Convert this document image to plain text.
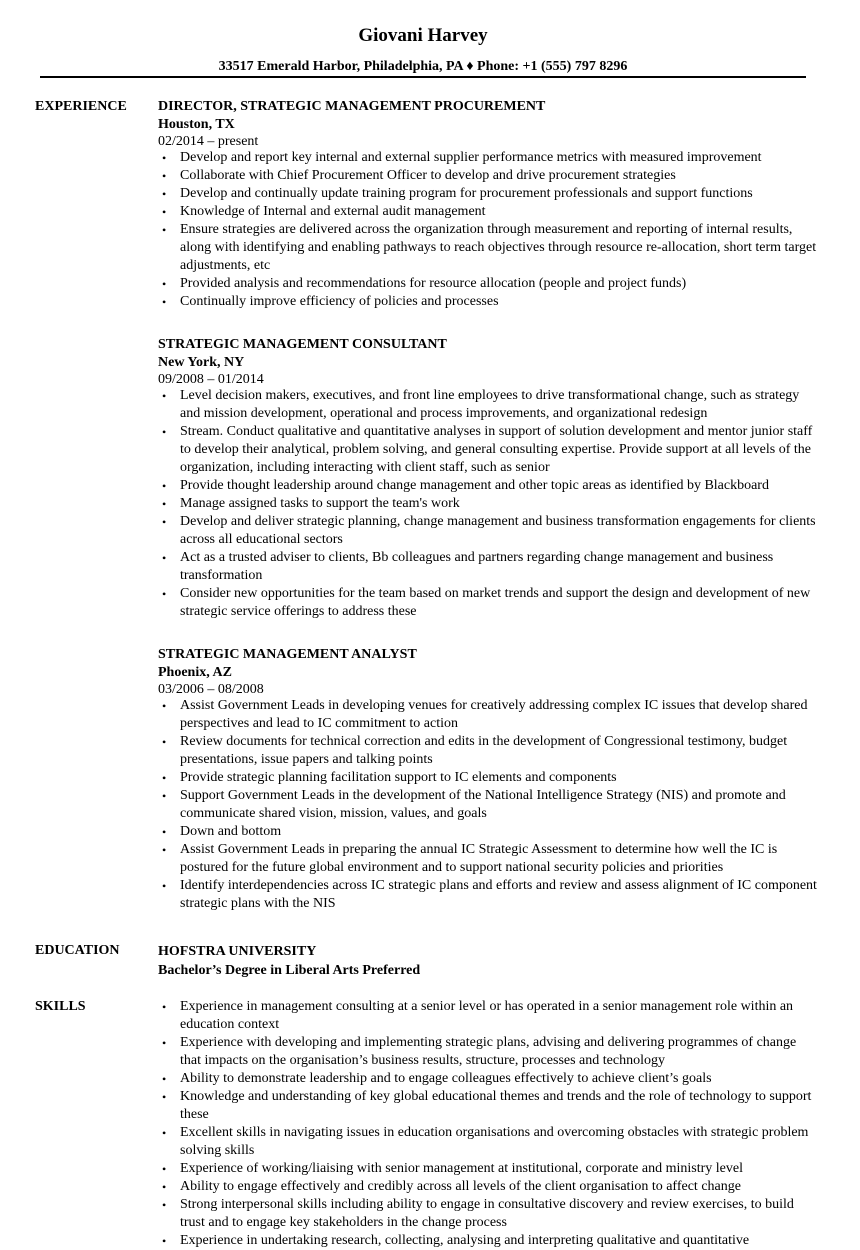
Giovani Harvey
33517 Emerald Harbor, Philadelphia, PA ♦ Phone: +1 (555) 797 8296
EXPERIENCE DIRECTOR, STRATEGIC MANAGEMENT PROCUREMENT
Houston, TX
02/2014 – present
• Develop and report key internal and external supplier performance metrics with measured improvement
• Collaborate with Chief Procurement Officer to develop and drive procurement strategies
• Develop and continually update training program for procurement professionals and support functions
• Knowledge of Internal and external audit management
• Ensure strategies are delivered across the organization through measurement and reporting of internal results, along with identifying and enabling pathways to reach objectives through resource re-allocation, short term target adjustments, etc
• Provided analysis and recommendations for resource allocation (people and project funds)
• Continually improve efficiency of policies and processes
STRATEGIC MANAGEMENT CONSULTANT
New York, NY
09/2008 – 01/2014
• Level decision makers, executives, and front line employees to drive transformational change, such as strategy and mission development, operational and process improvements, and organizational redesign
• Stream. Conduct qualitative and quantitative analyses in support of solution development and mentor junior staff to develop their analytical, problem solving, and general consulting expertise. Provide support at all levels of the organization, including interacting with client staff, such as senior
• Provide thought leadership around change management and other topic areas as identified by Blackboard
• Manage assigned tasks to support the team's work
• Develop and deliver strategic planning, change management and business transformation engagements for clients across all educational sectors
• Act as a trusted adviser to clients, Bb colleagues and partners regarding change management and business transformation
• Consider new opportunities for the team based on market trends and support the design and development of new strategic service offerings to address these
STRATEGIC MANAGEMENT ANALYST
Phoenix, AZ
03/2006 – 08/2008
• Assist Government Leads in developing venues for creatively addressing complex IC issues that develop shared perspectives and lead to IC commitment to action
• Review documents for technical correction and edits in the development of Congressional testimony, budget presentations, issue papers and talking points
• Provide strategic planning facilitation support to IC elements and components
• Support Government Leads in the development of the National Intelligence Strategy (NIS) and promote and communicate shared vision, mission, values, and goals
• Down and bottom
• Assist Government Leads in preparing the annual IC Strategic Assessment to determine how well the IC is postured for the future global environment and to support national security policies and priorities
• Identify interdependencies across IC strategic plans and efforts and review and assess alignment of IC component strategic plans with the NIS
EDUCATION	HOFSTRA UNIVERSITY
Bachelor’s Degree in Liberal Arts Preferred
SKILLS	• Experience in management consulting at a senior level or has operated in a senior management role within an education context
• Experience with developing and implementing strategic plans, advising and delivering programmes of change that impacts on the organisation’s business results, structure, processes and technology
• Ability to demonstrate leadership and to engage colleagues effectively to achieve client’s goals
• Knowledge and understanding of key global educational themes and trends and the role of technology to support these
• Excellent skills in navigating issues in education organisations and overcoming obstacles with strategic problem solving skills
• Experience of working/liaising with senior management at institutional, corporate and ministry level
• Ability to engage effectively and credibly across all levels of the client organisation to affect change
• Strong interpersonal skills including ability to engage in consultative discovery and review exercises, to build trust and to engage key stakeholders in the change process
• Experience in undertaking research, collecting, analysing and interpreting qualitative and quantitative
